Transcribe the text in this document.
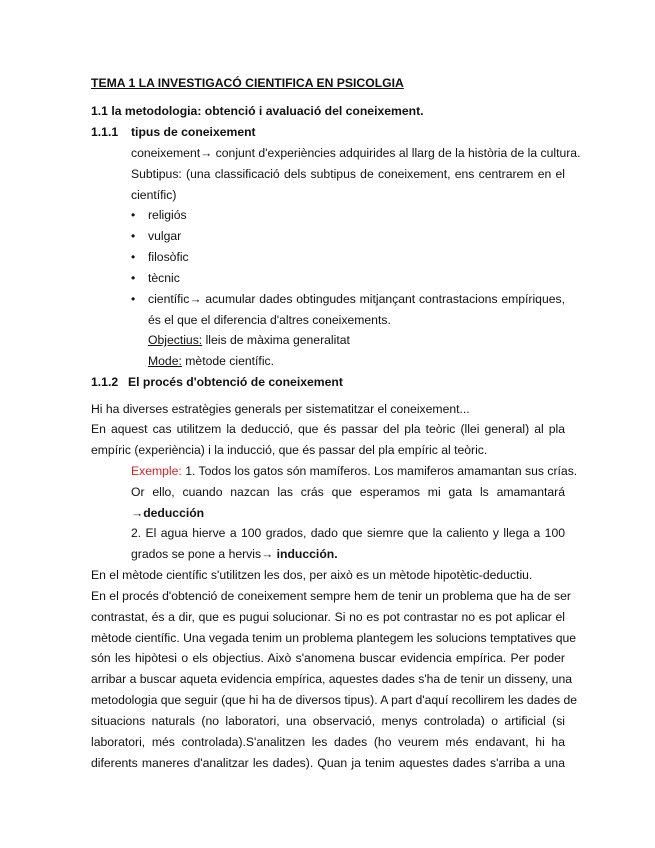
TEMA 1 LA INVESTIGACÓ CIENTIFICA EN PSICOLGIA
1.1 la metodologia: obtenció i avaluació del coneixement.
1.1.1 tipus de coneixement
coneixement→ conjunt d'experiències adquirides al llarg de la història de la cultura.
Subtipus: (una classificació dels subtipus de coneixement, ens centrarem en el
científic)
• religiós
• vulgar
• filosòfic
• tècnic
• científic→ acumular dades obtingudes mitjançant contrastacions empíriques,
és el que el diferencia d'altres coneixements.
Objectius: lleis de màxima generalitat
Mode: mètode científic.
1.1.2 El procés d'obtenció de coneixement
Hi ha diverses estratègies generals per sistematitzar el coneixement...
En aquest cas utilitzem la deducció, que és passar del pla teòric (llei general) al pla
empíric (experiència) i la inducció, que és passar del pla empíric al teòric.
Exemple: 1. Todos los gatos són mamíferos. Los mamiferos amamantan sus crías.
Or ello, cuando nazcan las crás que esperamos mi gata ls amamantará
→deducción
2. El agua hierve a 100 grados, dado que siemre que la caliento y llega a 100
grados se pone a hervis→ inducción.
En el mètode científic s'utilitzen les dos, per això es un mètode hipotètic-deductiu.
En el procés d'obtenció de coneixement sempre hem de tenir un problema que ha de ser
contrastat, és a dir, que es pugui solucionar. Si no es pot contrastar no es pot aplicar el
mètode científic. Una vegada tenim un problema plantegem les solucions temptatives que
són les hipòtesi o els objectius. Això s'anomena buscar evidencia empírica. Per poder
arribar a buscar aqueta evidencia empírica, aquestes dades s'ha de tenir un disseny, una
metodologia que seguir (que hi ha de diversos tipus). A part d'aquí recollirem les dades de
situacions naturals (no laboratori, una observació, menys controlada) o artificial (si
laboratori, més controlada).S'analitzen les dades (ho veurem més endavant, hi ha
diferents maneres d'analitzar les dades). Quan ja tenim aquestes dades s'arriba a una
